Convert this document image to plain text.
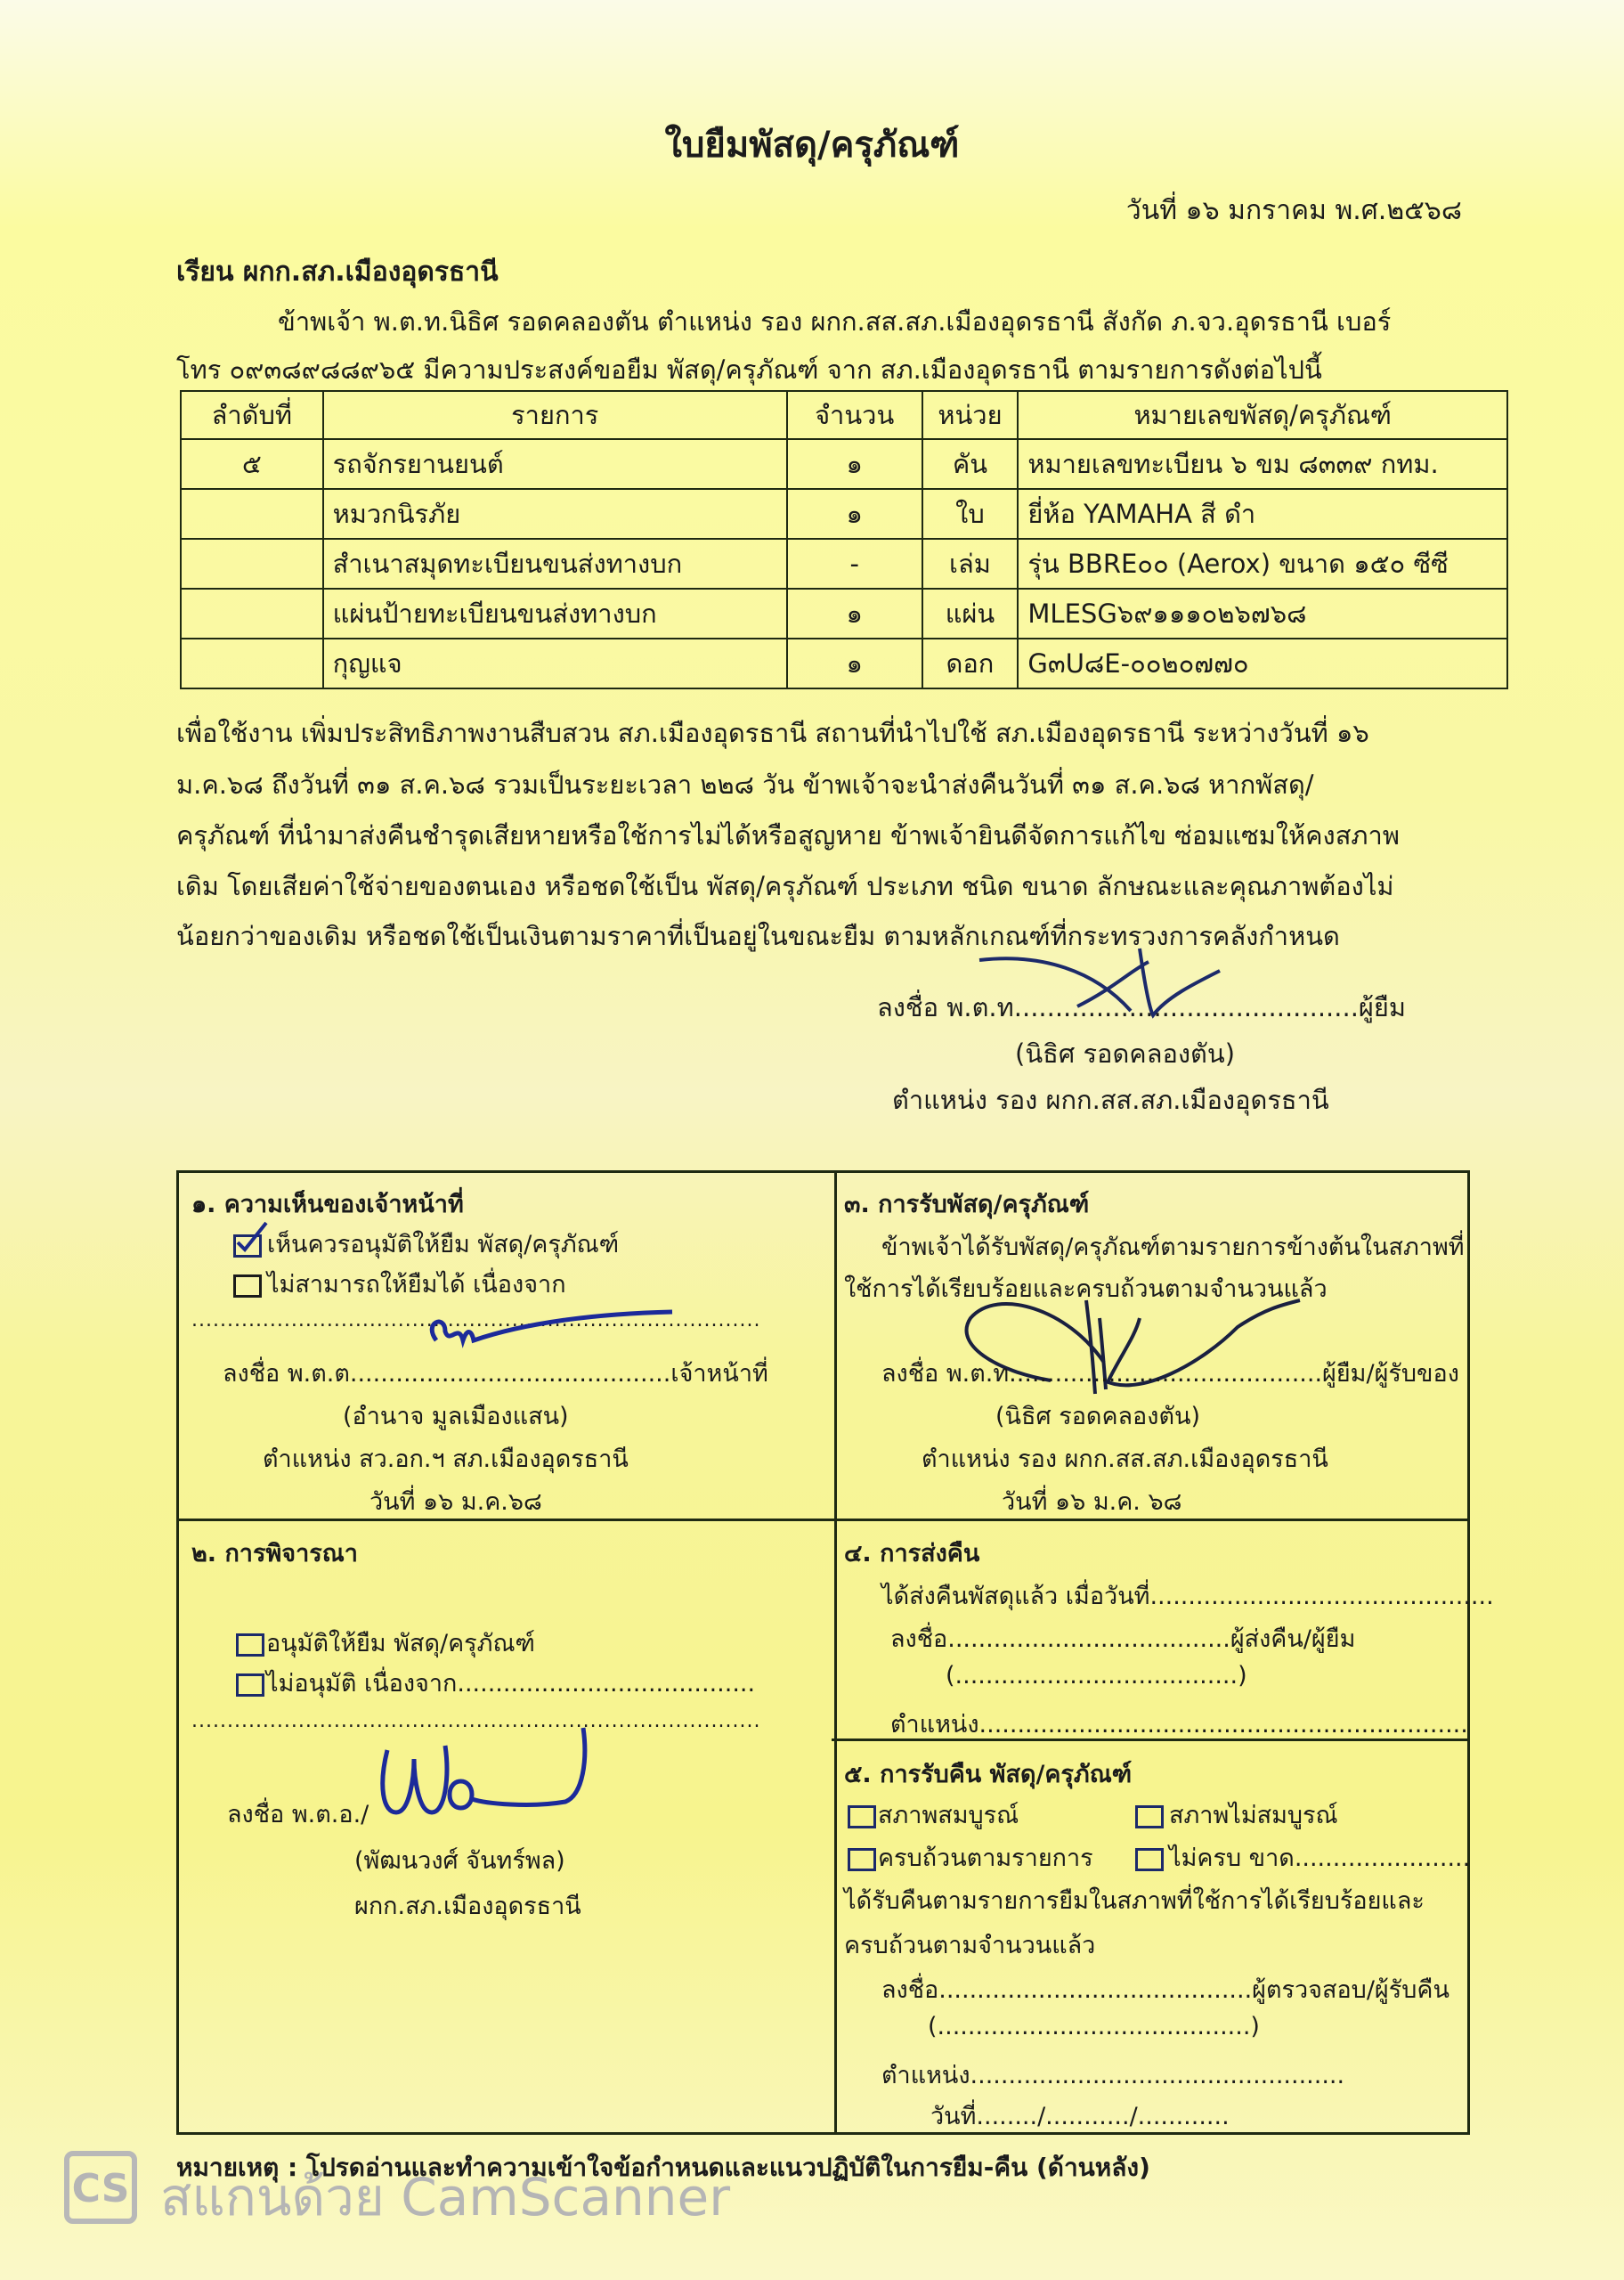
ใบยืมพัสดุ/ครุภัณฑ์
วันที่ ๑๖ มกราคม พ.ศ.๒๕๖๘
เรียน ผกก.สภ.เมืองอุดรธานี
ข้าพเจ้า พ.ต.ท.นิธิศ รอดคลองตัน ตำแหน่ง รอง ผกก.สส.สภ.เมืองอุดรธานี สังกัด ภ.จว.อุดรธานี เบอร์
โทร ๐๙๓๘๙๘๘๙๖๕ มีความประสงค์ขอยืม พัสดุ/ครุภัณฑ์ จาก สภ.เมืองอุดรธานี ตามรายการดังต่อไปนี้
ลำดับที่	รายการ	จำนวน	หน่วย	หมายเลขพัสดุ/ครุภัณฑ์
๕	รถจักรยานยนต์	๑	คัน	หมายเลขทะเบียน ๖ ขม ๘๓๓๙ กทม.
	หมวกนิรภัย	๑	ใบ	ยี่ห้อ YAMAHA สี ดำ
	สำเนาสมุดทะเบียนขนส่งทางบก	-	เล่ม	รุ่น BBRE๐๐ (Aerox) ขนาด ๑๕๐ ซีซี
	แผ่นป้ายทะเบียนขนส่งทางบก	๑	แผ่น	MLESG๖๙๑๑๑๐๒๖๗๖๘
	กุญแจ	๑	ดอก	G๓U๘E-๐๐๒๐๗๗๐
เพื่อใช้งาน เพิ่มประสิทธิภาพงานสืบสวน สภ.เมืองอุดรธานี สถานที่นำไปใช้ สภ.เมืองอุดรธานี ระหว่างวันที่ ๑๖
ม.ค.๖๘ ถึงวันที่ ๓๑ ส.ค.๖๘ รวมเป็นระยะเวลา ๒๒๘ วัน ข้าพเจ้าจะนำส่งคืนวันที่ ๓๑ ส.ค.๖๘ หากพัสดุ/
ครุภัณฑ์ ที่นำมาส่งคืนชำรุดเสียหายหรือใช้การไม่ได้หรือสูญหาย ข้าพเจ้ายินดีจัดการแก้ไข ซ่อมแซมให้คงสภาพ
เดิม โดยเสียค่าใช้จ่ายของตนเอง หรือชดใช้เป็น พัสดุ/ครุภัณฑ์ ประเภท ชนิด ขนาด ลักษณะและคุณภาพต้องไม่
น้อยกว่าของเดิม หรือชดใช้เป็นเงินตามราคาที่เป็นอยู่ในขณะยืม ตามหลักเกณฑ์ที่กระทรวงการคลังกำหนด
ลงชื่อ พ.ต.ท..........................................ผู้ยืม
(นิธิศ รอดคลองตัน)
ตำแหน่ง รอง ผกก.สส.สภ.เมืองอุดรธานี
๑. ความเห็นของเจ้าหน้าที่
เห็นควรอนุมัติให้ยืม พัสดุ/ครุภัณฑ์
ไม่สามารถให้ยืมได้ เนื่องจาก
................................................................................
ลงชื่อ พ.ต.ต..........................................เจ้าหน้าที่
(อำนาจ มูลเมืองแสน)
ตำแหน่ง สว.อก.ฯ สภ.เมืองอุดรธานี
วันที่ ๑๖ ม.ค.๖๘
๓. การรับพัสดุ/ครุภัณฑ์
ข้าพเจ้าได้รับพัสดุ/ครุภัณฑ์ตามรายการข้างต้นในสภาพที่
ใช้การได้เรียบร้อยและครบถ้วนตามจำนวนแล้ว
ลงชื่อ พ.ต.ท.........................................ผู้ยืม/ผู้รับของ
(นิธิศ รอดคลองตัน)
ตำแหน่ง รอง ผกก.สส.สภ.เมืองอุดรธานี
วันที่ ๑๖ ม.ค. ๖๘
๒. การพิจารณา
อนุมัติให้ยืม พัสดุ/ครุภัณฑ์
ไม่อนุมัติ เนื่องจาก.......................................
................................................................................
ลงชื่อ พ.ต.อ./
(พัฒนวงศ์ จันทร์พล)
ผกก.สภ.เมืองอุดรธานี
๔. การส่งคืน
ได้ส่งคืนพัสดุแล้ว เมื่อวันที่.............................................
ลงชื่อ.....................................ผู้ส่งคืน/ผู้ยืม
(.....................................)
ตำแหน่ง................................................................
๕. การรับคืน พัสดุ/ครุภัณฑ์
สภาพสมบูรณ์	สภาพไม่สมบูรณ์
ครบถ้วนตามรายการ	ไม่ครบ ขาด.......................
ได้รับคืนตามรายการยืมในสภาพที่ใช้การได้เรียบร้อยและ
ครบถ้วนตามจำนวนแล้ว
ลงชื่อ.........................................ผู้ตรวจสอบ/ผู้รับคืน
(.........................................)
ตำแหน่ง.................................................
วันที่......../.........../............
หมายเหตุ : โปรดอ่านและทำความเข้าใจข้อกำหนดและแนวปฏิบัติในการยืม-คืน (ด้านหลัง)
CS สแกนด้วย CamScanner
